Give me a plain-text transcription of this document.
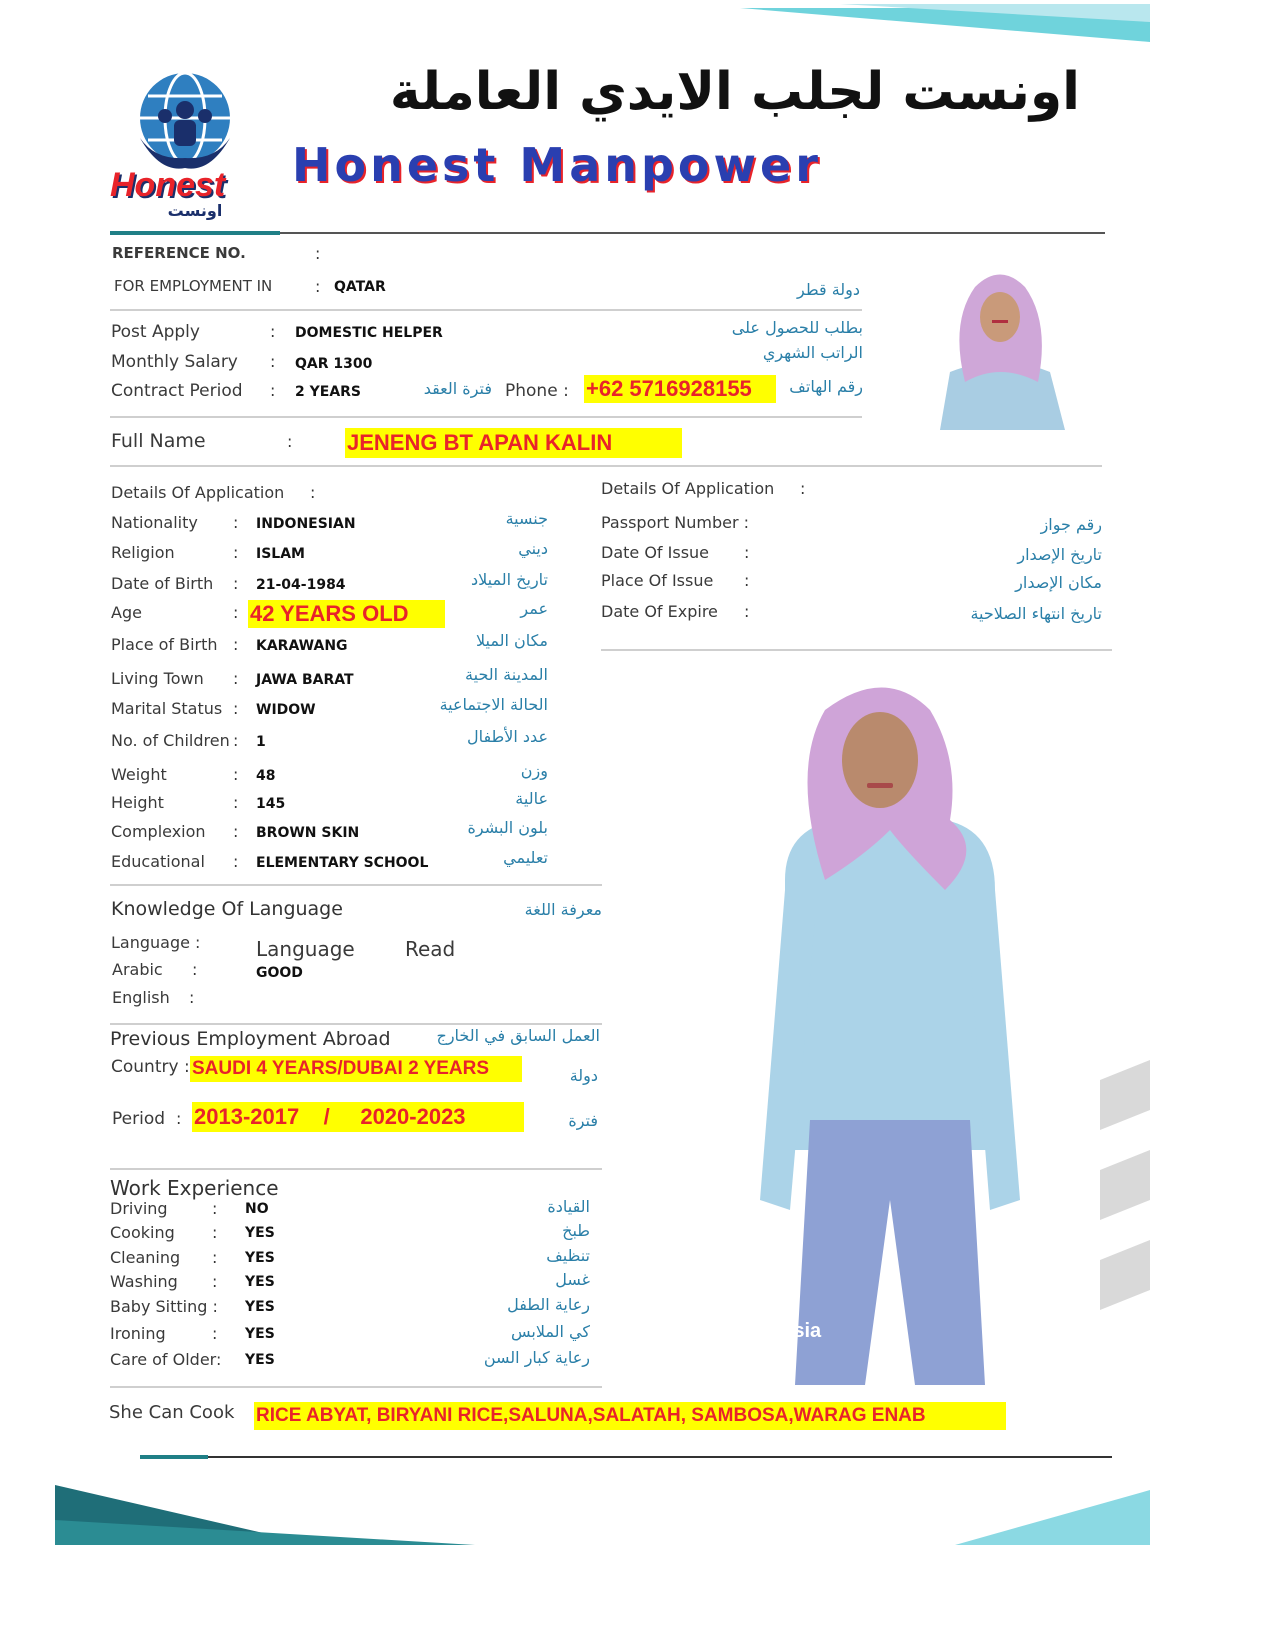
Honest
اونست
اونست لجلب الايدي العاملة
Honest Manpower
REFERENCE NO.	:
FOR EMPLOYMENT IN	: QATAR	دولة قطر
Post Apply	: DOMESTIC HELPER	بطلب للحصول على
Monthly Salary : QAR 1300
الراتب الشهري
Contract Period : 2 YEARS	فترة العقد Phone : +62 5716928155	رقم الهاتف
Full Name	: JENENG BT APAN KALIN
Details Of Application :
Nationality : INDONESIAN	جنسية
Religion	: ISLAM	ديني
Date of Birth : 21-04-1984	تاريخ الميلاد
Age	: 42 YEARS OLD	عمر
Place of Birth : KARAWANG	مكان الميلا
Living Town : JAWA BARAT	المدينة الحية
Marital Status : WIDOW	الحالة الاجتماعية
No. of Children : 1	عدد الأطفال
Weight	: 48	وزن
Height	: 145	عالية
Complexion : BROWN SKIN	بلون البشرة
Educational : ELEMENTARY SCHOOL	تعليمي
Details Of Application :
Passport Number :	رقم جواز
Date Of Issue :	تاريخ الإصدار
Place Of Issue :	مكان الإصدار
Date Of Expire :	تاريخ انتهاء الصلاحية
Knowledge Of Language	معرفة اللغة
Language :	Language	Read
Arabic :	GOOD
English :
Previous Employment Abroad	العمل السابق في الخارج
Country : SAUDI 4 YEARS/DUBAI 2 YEARS	دولة
Period : 2013-2017    /     2020-2023	فترة
Work Experience
Driving	: NO	القيادة
Cooking : YES	طبخ
Cleaning : YES	تنظيف
Washing : YES	غسل
Baby Sitting : YES	رعاية الطفل
Ironing	: YES	كي الملابس
Care of Older: YES	رعاية كبار السن
She Can Cook RICE ABYAT, BIRYANI RICE,SALUNA,SALATAH, SAMBOSA,WARAG ENAB
nesia
